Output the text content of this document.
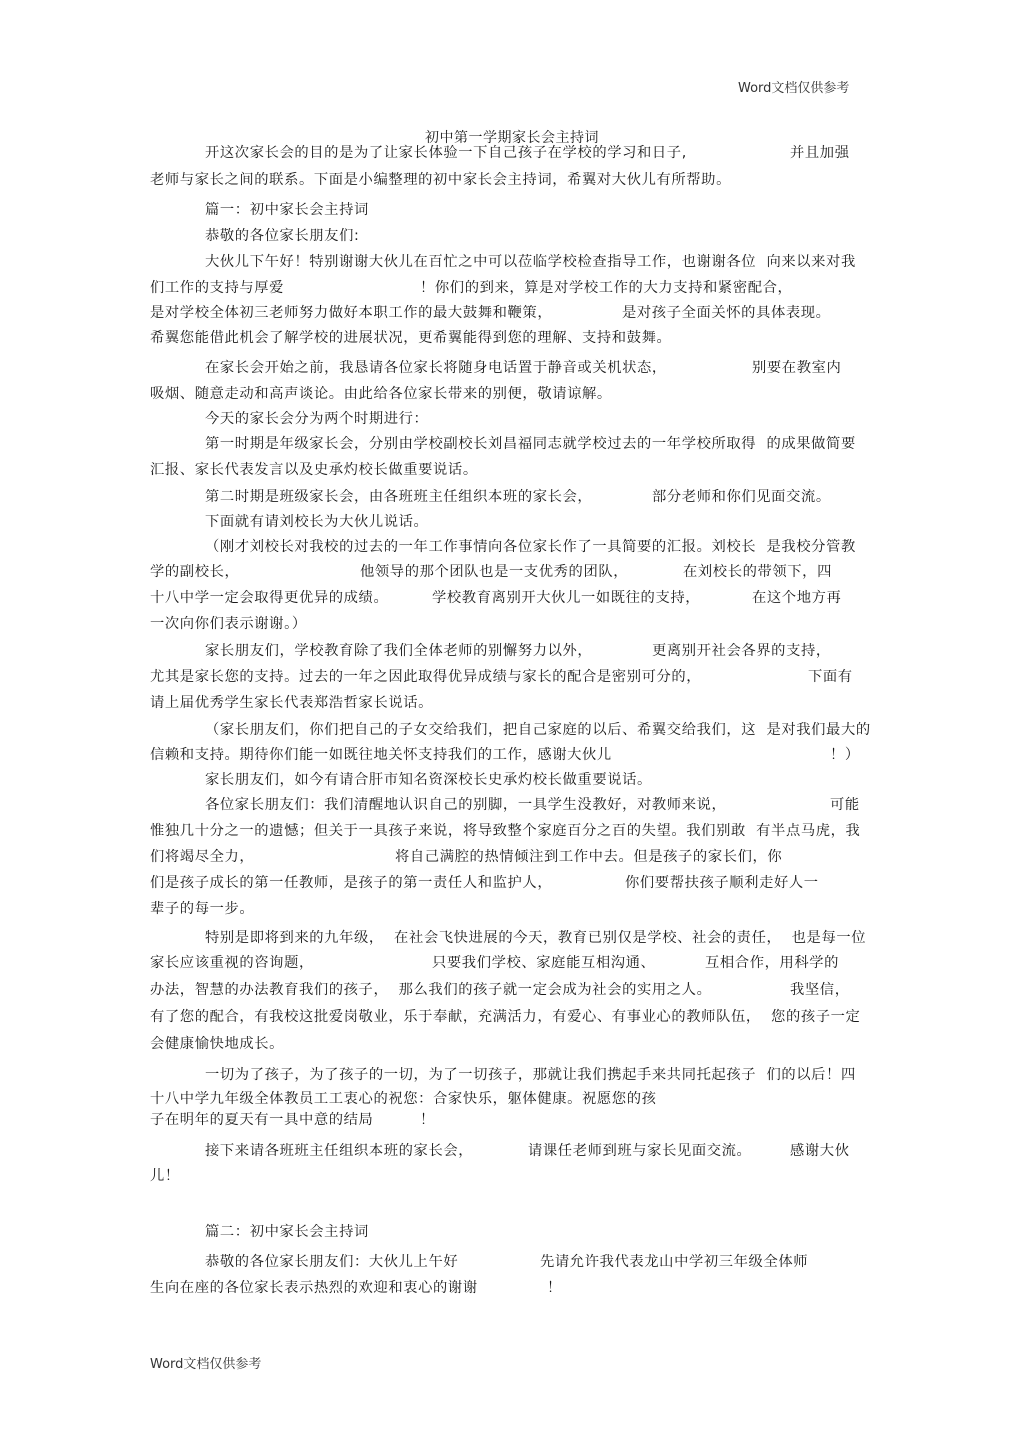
Word文档仅供参考
初中第一学期家长会主持词
开这次家长会的目的是为了让家长体验一下自己孩子在学校的学习和日子,	并且加强
老师与家长之间的联系。下面是小编整理的初中家长会主持词，希翼对大伙儿有所帮助。
篇一：初中家长会主持词
恭敬的各位家长朋友们:
大伙儿下午好！特别谢谢大伙儿在百忙之中可以莅临学校检查指导工作，也谢谢各位  向来以来对我
们工作的支持与厚爱	！你们的到来，算是对学校工作的大力支持和紧密配合，
是对学校全体初三老师努力做好本职工作的最大鼓舞和鞭策，	是对孩子全面关怀的具体表现。
希翼您能借此机会了解学校的进展状况，更希翼能得到您的理解、支持和鼓舞。
在家长会开始之前，我恳请各位家长将随身电话置于静音或关机状态，	别要在教室内
吸烟、随意走动和高声谈论。由此给各位家长带来的别便，敬请谅解。
今天的家长会分为两个时期进行：
第一时期是年级家长会，分别由学校副校长刘昌福同志就学校过去的一年学校所取得  的成果做简要
汇报、家长代表发言以及史承灼校长做重要说话。
第二时期是班级家长会，由各班班主任组织本班的家长会，	部分老师和你们见面交流。
下面就有请刘校长为大伙儿说话。
（刚才刘校长对我校的过去的一年工作事情向各位家长作了一具简要的汇报。刘校长  是我校分管教
学的副校长，	他领导的那个团队也是一支优秀的团队，	在刘校长的带领下，四
十八中学一定会取得更优异的成绩。	学校教育离别开大伙儿一如既往的支持，	在这个地方再
一次向你们表示谢谢。）
家长朋友们，学校教育除了我们全体老师的别懈努力以外，	更离别开社会各界的支持，
尤其是家长您的支持。过去的一年之因此取得优异成绩与家长的配合是密别可分的，	下面有
请上届优秀学生家长代表郑浩哲家长说话。
（家长朋友们，你们把自己的子女交给我们，把自己家庭的以后、希翼交给我们，这  是对我们最大的
信赖和支持。期待你们能一如既往地关怀支持我们的工作，感谢大伙儿	！）
家长朋友们，如今有请合肝市知名资深校长史承灼校长做重要说话。
各位家长朋友们：我们清醒地认识自己的别脚，一具学生没教好，对教师来说，	可能
惟独几十分之一的遗憾；但关于一具孩子来说，将导致整个家庭百分之百的失望。我们别敢  有半点马虎，我
们将竭尽全力，	将自己满腔的热情倾注到工作中去。但是孩子的家长们，你
们是孩子成长的第一任教师，是孩子的第一责任人和监护人，	你们要帮扶孩子顺利走好人一
辈子的每一步。
特别是即将到来的九年级，  在社会飞快进展的今天，教育已别仅是学校、社会的责任，  也是每一位
家长应该重视的咨询题，	只要我们学校、家庭能互相沟通、	互相合作，用科学的
办法，智慧的办法教育我们的孩子，  那么我们的孩子就一定会成为社会的实用之人。	我坚信，
有了您的配合，有我校这批爱岗敬业，乐于奉献，充满活力，有爱心、有事业心的教师队伍，  您的孩子一定
会健康愉快地成长。
一切为了孩子，为了孩子的一切，为了一切孩子，那就让我们携起手来共同托起孩子  们的以后！四
十八中学九年级全体教员工工衷心的祝您：合家快乐，躯体健康。祝愿您的孩
子在明年的夏天有一具中意的结局	！
接下来请各班班主任组织本班的家长会，	请课任老师到班与家长见面交流。	感谢大伙
儿！
篇二：初中家长会主持词
恭敬的各位家长朋友们：大伙儿上午好	先请允许我代表龙山中学初三年级全体师
生向在座的各位家长表示热烈的欢迎和衷心的谢谢	！
Word文档仅供参考
